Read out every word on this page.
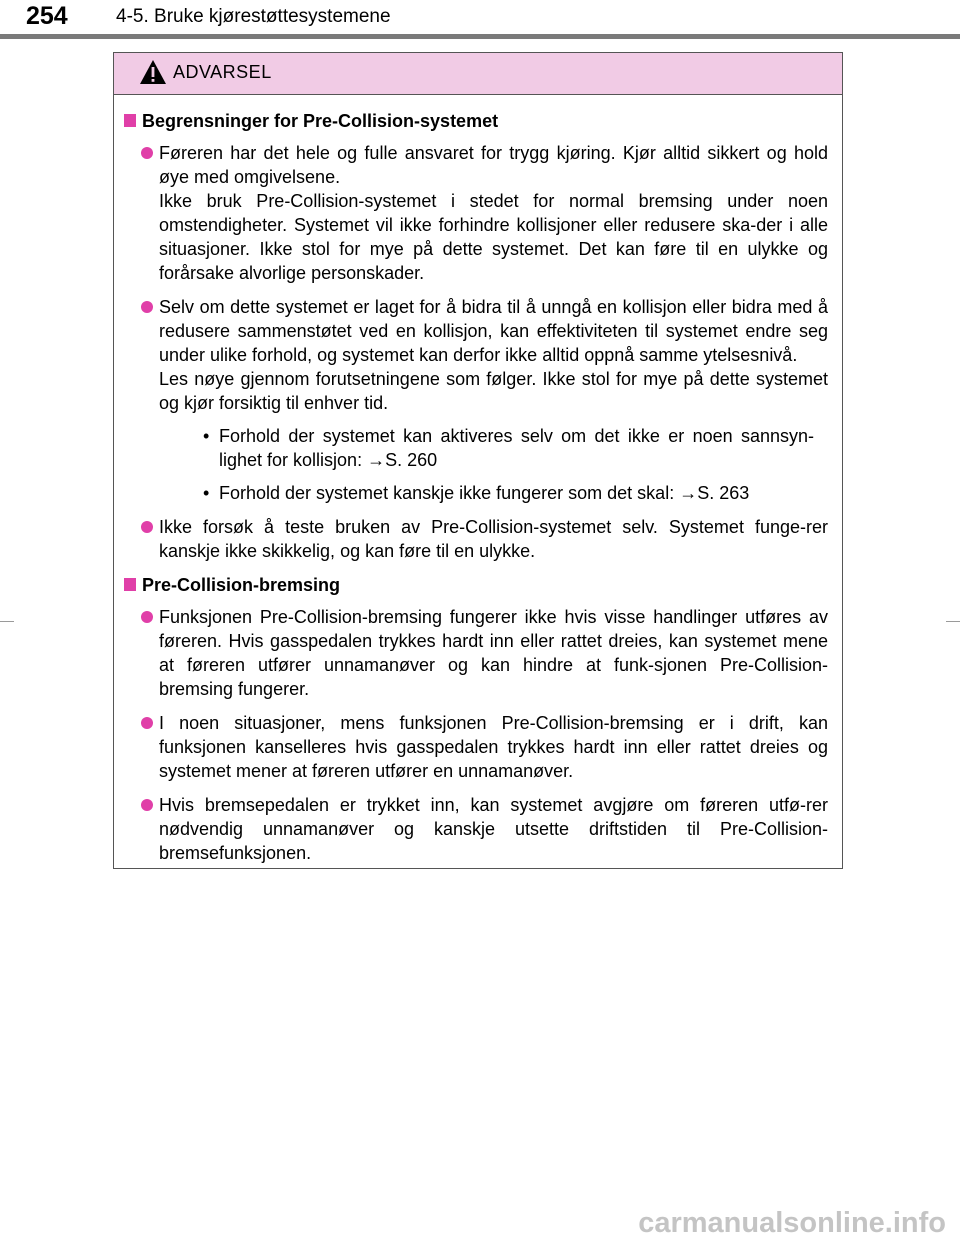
254	4-5. Bruke kjørestøttesystemene
ADVARSEL
Begrensninger for Pre-Collision-systemet

Føreren har det hele og fulle ansvaret for trygg kjøring. Kjør alltid sikkert og hold øye med omgivelsene.

Ikke bruk Pre-Collision-systemet i stedet for normal bremsing under noen omstendigheter. Systemet vil ikke forhindre kollisjoner eller redusere ska-der i alle situasjoner. Ikke stol for mye på dette systemet. Det kan føre til en ulykke og forårsake alvorlige personskader.

Selv om dette systemet er laget for å bidra til å unngå en kollisjon eller bidra med å redusere sammenstøtet ved en kollisjon, kan effektiviteten til systemet endre seg under ulike forhold, og systemet kan derfor ikke alltid oppnå samme ytelsesnivå.

Les nøye gjennom forutsetningene som følger. Ikke stol for mye på dette systemet og kjør forsiktig til enhver tid.

• Forhold der systemet kan aktiveres selv om det ikke er noen sannsyn-lighet for kollisjon: →S. 260
• Forhold der systemet kanskje ikke fungerer som det skal: →S. 263

Ikke forsøk å teste bruken av Pre-Collision-systemet selv. Systemet funge-rer kanskje ikke skikkelig, og kan føre til en ulykke.

Pre-Collision-bremsing

Funksjonen Pre-Collision-bremsing fungerer ikke hvis visse handlinger utføres av føreren. Hvis gasspedalen trykkes hardt inn eller rattet dreies, kan systemet mene at føreren utfører unnamanøver og kan hindre at funk-sjonen Pre-Collision-bremsing fungerer.

I noen situasjoner, mens funksjonen Pre-Collision-bremsing er i drift, kan funksjonen kanselleres hvis gasspedalen trykkes hardt inn eller rattet dreies og systemet mener at føreren utfører en unnamanøver.

Hvis bremsepedalen er trykket inn, kan systemet avgjøre om føreren utfø-rer nødvendig unnamanøver og kanskje utsette driftstiden til Pre-Collision-bremsefunksjonen.

carmanualsonline.info
